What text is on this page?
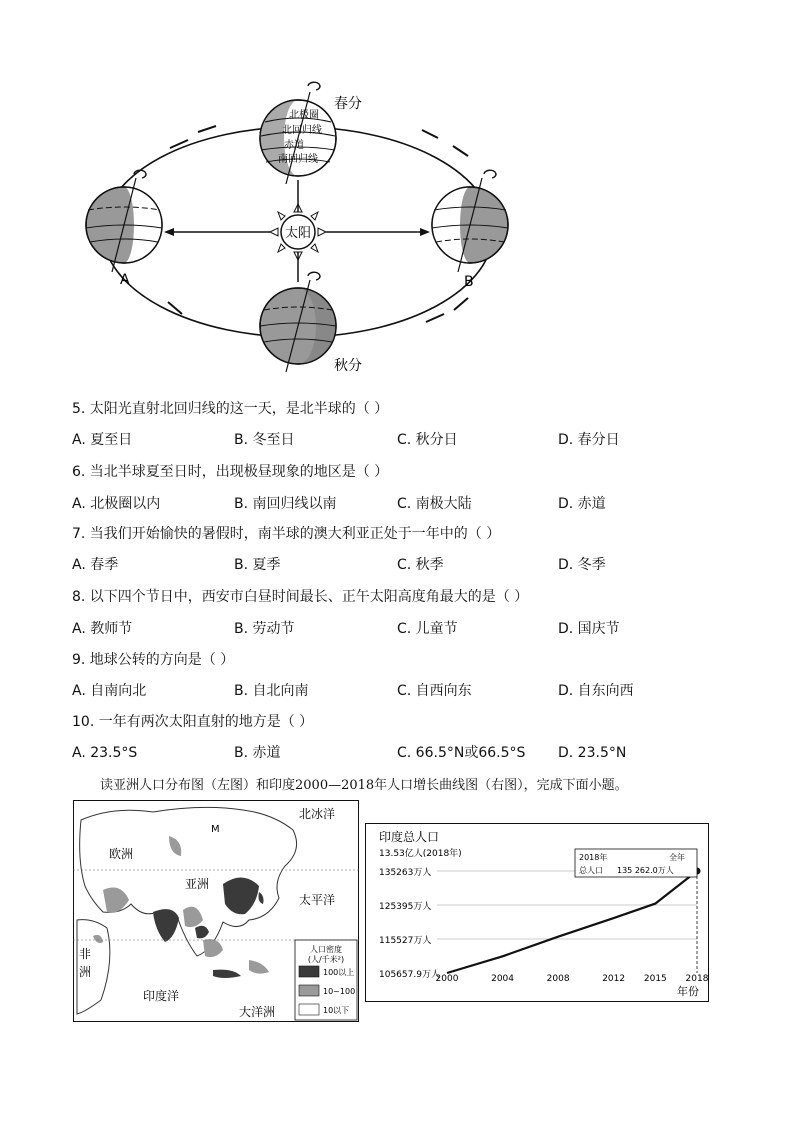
太阳
北极圈
北回归线
赤道
南回归线
春分
A	B
秋分
5. 太阳光直射北回归线的这一天，是北半球的（ ）
A. 夏至日	B. 冬至日	C. 秋分日	D. 春分日
6. 当北半球夏至日时，出现极昼现象的地区是（ ）
A. 北极圈以内	B. 南回归线以南	C. 南极大陆	D. 赤道
7. 当我们开始愉快的暑假时，南半球的澳大利亚正处于一年中的（ ）
A. 春季	B. 夏季	C. 秋季	D. 冬季
8. 以下四个节日中，西安市白昼时间最长、正午太阳高度角最大的是（ ）
A. 教师节	B. 劳动节	C. 儿童节	D. 国庆节
9. 地球公转的方向是（ ）
A. 自南向北	B. 自北向南	C. 自西向东	D. 自东向西
10. 一年有两次太阳直射的地方是（ ）
A. 23.5°S	B. 赤道	C. 66.5°N或66.5°S D. 23.5°N
读亚洲人口分布图（左图）和印度2000—2018年人口增长曲线图（右图），完成下面小题。
北冰洋
M
欧洲
亚洲
太平洋
非
洲
印度洋
大洋洲
人口密度
(人/千米²)
100以上
10~100
10以下
印度总人口
13.53亿人(2018年)
105657.9万人
115527万人
125395万人
135263万人
2000	2004	2008	2012 2015 2018
2018年	全年
总人口 135 262.0万人
年份
